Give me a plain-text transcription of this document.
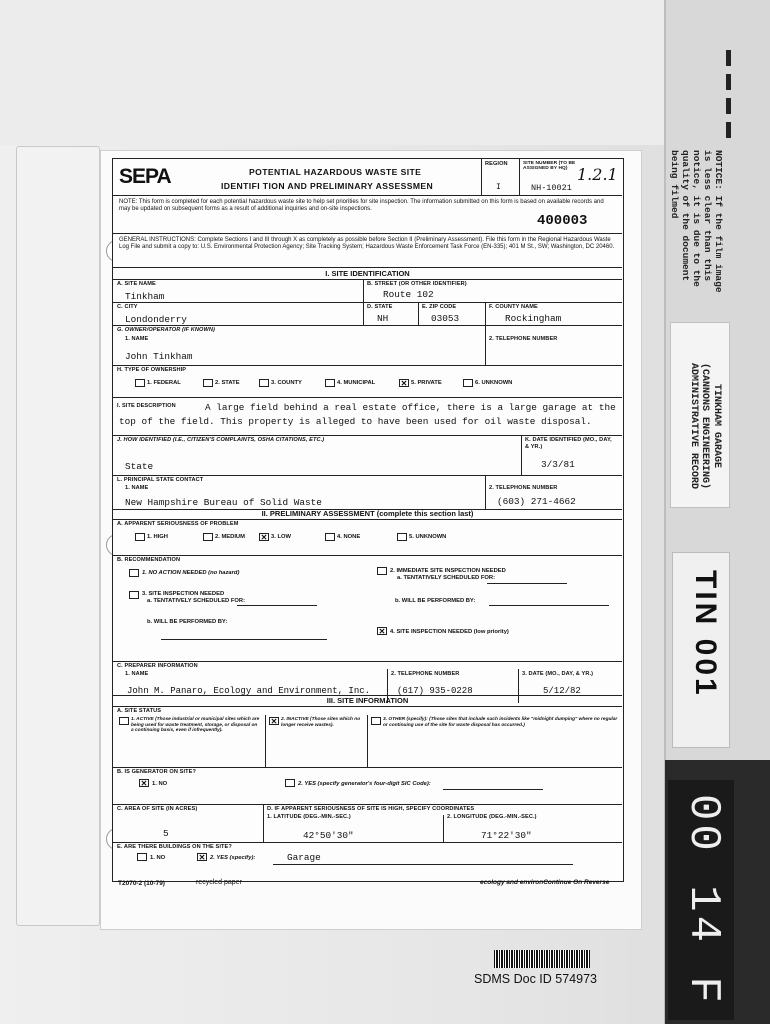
NOTICE: If the film image
is less clear than this
notice, it is due to the
quality of the document
being filmed
TINKHAM GARAGE
(CANNONS ENGINEERING)
ADMINISTRATIVE RECORD
TIN 001
00 14 F
SEPA	POTENTIAL HAZARDOUS WASTE SITE
IDENTIFI TION AND PRELIMINARY ASSESSMEN
REGION
I
SITE NUMBER (TO BE ASSIGNED BY HQ)
NH-10021
1.2.1
NOTE: This form is completed for each potential hazardous waste site to help set priorities for site inspection. The information submitted on this form is based on available records and may be updated on subsequent forms as a result of additional inquiries and on-site inspections.
400003
GENERAL INSTRUCTIONS: Complete Sections I and III through X as completely as possible before Section II (Preliminary Assessment). File this form in the Regional Hazardous Waste Log File and submit a copy to: U.S. Environmental Protection Agency; Site Tracking System; Hazardous Waste Enforcement Task Force (EN-335); 401 M St., SW; Washington, DC 20460.
I. SITE IDENTIFICATION
A. SITE NAME
Tinkham
B. STREET (OR OTHER IDENTIFIER)
Route 102
C. CITY
Londonderry
D. STATE
NH
E. ZIP CODE
03053
F. COUNTY NAME
Rockingham
G. OWNER/OPERATOR (IF KNOWN)
1. NAME
John Tinkham
2. TELEPHONE NUMBER
H. TYPE OF OWNERSHIP
I. SITE DESCRIPTION	A large field behind a real estate office, there is a large garage at the top of the field. This property is alleged to have been used for oil waste disposal.
J. HOW IDENTIFIED (I.E., CITIZEN'S COMPLAINTS, OSHA CITATIONS, ETC.)
State
K. DATE IDENTIFIED (MO., DAY, & YR.)
3/3/81
L. PRINCIPAL STATE CONTACT
1. NAME
New Hampshire Bureau of Solid Waste
2. TELEPHONE NUMBER
(603) 271-4662
II. PRELIMINARY ASSESSMENT (complete this section last)
A. APPARENT SERIOUSNESS OF PROBLEM
B. RECOMMENDATION
1. NO ACTION NEEDED (no hazard)	2. IMMEDIATE SITE INSPECTION NEEDED
a. TENTATIVELY SCHEDULED FOR:
3. SITE INSPECTION NEEDED
a. TENTATIVELY SCHEDULED FOR:	b. WILL BE PERFORMED BY:
b. WILL BE PERFORMED BY:
✕ 4. SITE INSPECTION NEEDED (low priority)
C. PREPARER INFORMATION
1. NAME
John M. Panaro, Ecology and Environment, Inc.
2. TELEPHONE NUMBER
(617) 935-0228
3. DATE (MO., DAY, & YR.)
5/12/82
III. SITE INFORMATION
A. SITE STATUS
1. ACTIVE (Those industrial or municipal sites which are being used for waste treatment, storage, or disposal on a continuing basis, even if infrequently).
✕ 2. INACTIVE (Those sites which no longer receive wastes).
3. OTHER (specify): (Those sites that include such incidents like "midnight dumping" where no regular or continuing use of the site for waste disposal has occurred.)
B. IS GENERATOR ON SITE?
✕ 1. NO	2. YES (specify generator's four-digit SIC Code):
C. AREA OF SITE (IN ACRES)
5
D. IF APPARENT SERIOUSNESS OF SITE IS HIGH, SPECIFY COORDINATES
1. LATITUDE (DEG.-MIN.-SEC.)
42°50'30"
2. LONGITUDE (DEG.-MIN.-SEC.)
71°22'30"
E. ARE THERE BUILDINGS ON THE SITE?
1. NO	✕ 2. YES (specify):	Garage
1. FEDERAL	2. STATE	3. COUNTY	4. MUNICIPAL	✕ 5. PRIVATE	6. UNKNOWN
1. HIGH	2. MEDIUM ✕ 3. LOW	4. NONE	5. UNKNOWN
T2070-2 (10-79)	recycled paper	ecology and environContinue On Reverse
SDMS Doc ID 574973
